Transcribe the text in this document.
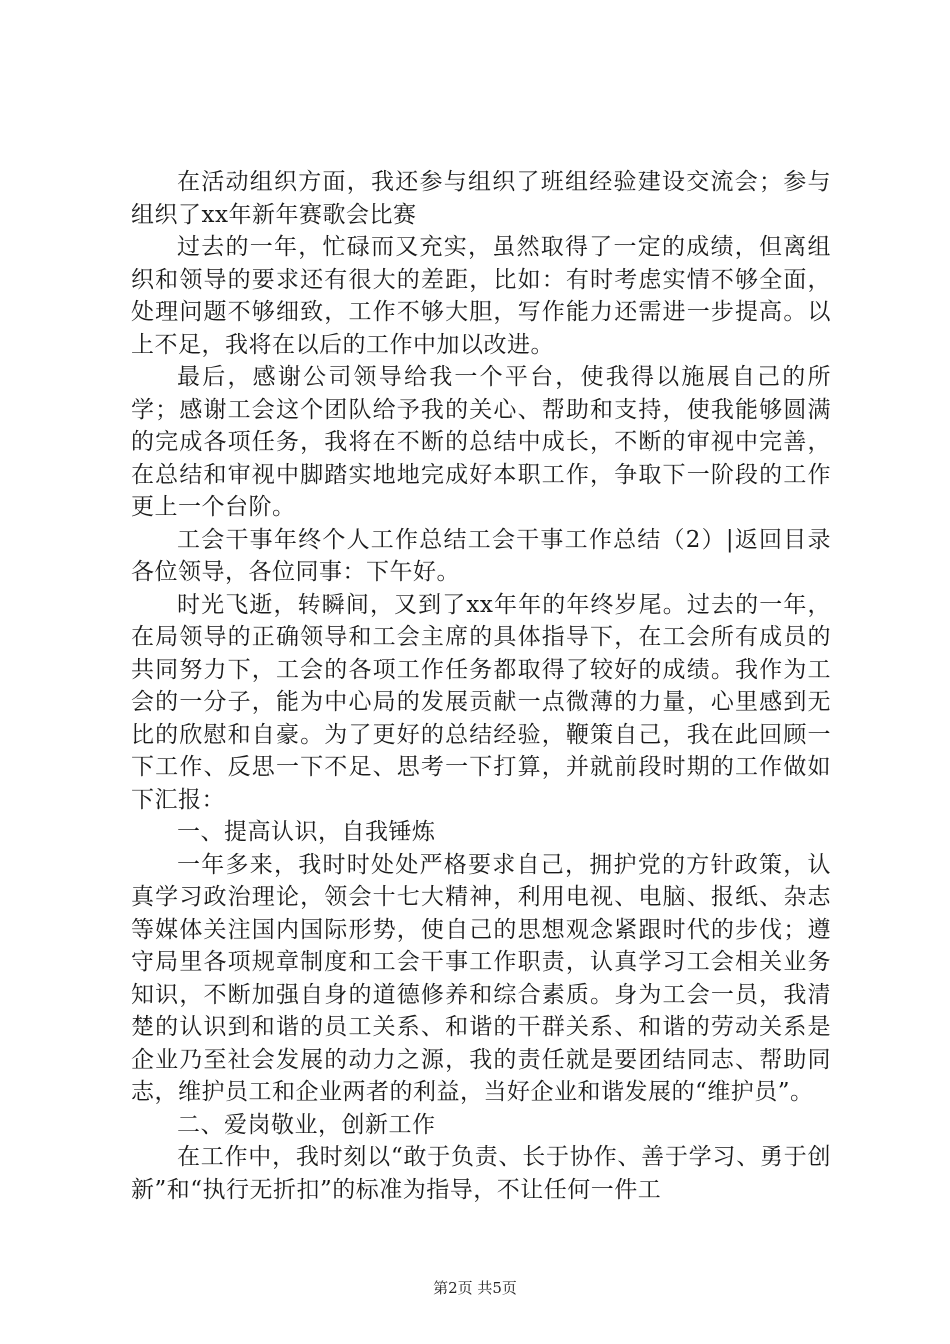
在活动组织方面，我还参与组织了班组经验建设交流会；参与组织了xx年新年赛歌会比赛

过去的一年，忙碌而又充实，虽然取得了一定的成绩，但离组织和领导的要求还有很大的差距，比如：有时考虑实情不够全面，处理问题不够细致，工作不够大胆，写作能力还需进一步提高。以上不足，我将在以后的工作中加以改进。

最后，感谢公司领导给我一个平台，使我得以施展自己的所学；感谢工会这个团队给予我的关心、帮助和支持，使我能够圆满的完成各项任务，我将在不断的总结中成长，不断的审视中完善，在总结和审视中脚踏实地地完成好本职工作，争取下一阶段的工作更上一个台阶。

工会干事年终个人工作总结工会干事工作总结（2）|返回目录各位领导，各位同事：下午好。

时光飞逝，转瞬间，又到了xx年年的年终岁尾。过去的一年，在局领导的正确领导和工会主席的具体指导下，在工会所有成员的共同努力下，工会的各项工作任务都取得了较好的成绩。我作为工会的一分子，能为中心局的发展贡献一点微薄的力量，心里感到无比的欣慰和自豪。为了更好的总结经验，鞭策自己，我在此回顾一下工作、反思一下不足、思考一下打算，并就前段时期的工作做如下汇报：

一、提高认识，自我锤炼

一年多来，我时时处处严格要求自己，拥护党的方针政策，认真学习政治理论，领会十七大精神，利用电视、电脑、报纸、杂志等媒体关注国内国际形势，使自己的思想观念紧跟时代的步伐；遵守局里各项规章制度和工会干事工作职责，认真学习工会相关业务知识，不断加强自身的道德修养和综合素质。身为工会一员，我清楚的认识到和谐的员工关系、和谐的干群关系、和谐的劳动关系是企业乃至社会发展的动力之源，我的责任就是要团结同志、帮助同志，维护员工和企业两者的利益，当好企业和谐发展的“维护员”。

二、爱岗敬业，创新工作

在工作中，我时刻以“敢于负责、长于协作、善于学习、勇于创新”和“执行无折扣”的标准为指导，不让任何一件工

第2页 共5页
